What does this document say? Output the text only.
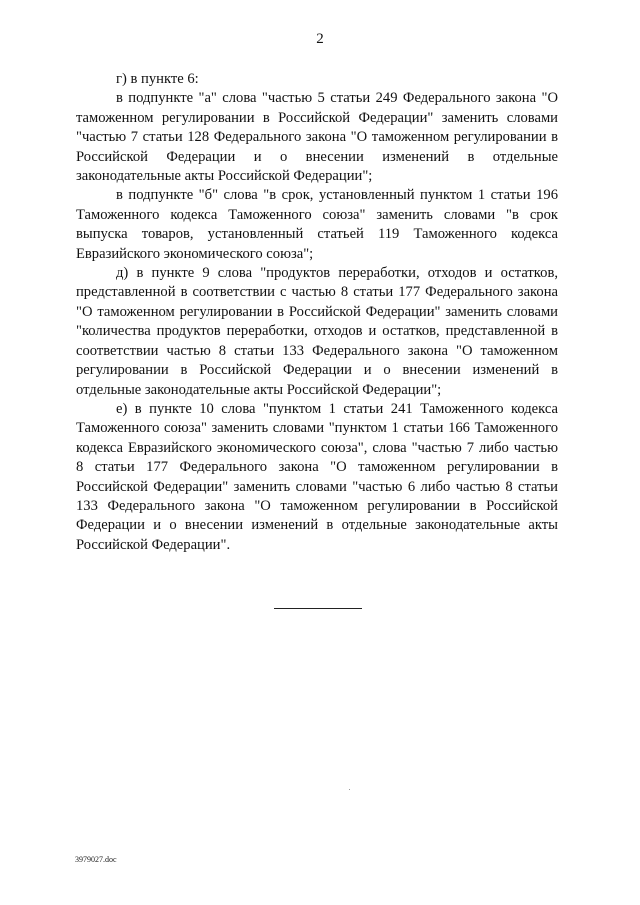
2

г) в пункте 6:

в подпункте "а" слова "частью 5 статьи 249 Федерального закона "О таможенном регулировании в Российской Федерации" заменить словами "частью 7 статьи 128 Федерального закона "О таможенном регулировании в Российской Федерации и о внесении изменений в отдельные законодательные акты Российской Федерации";

в подпункте "б" слова "в срок, установленный пунктом 1 статьи 196 Таможенного кодекса Таможенного союза" заменить словами "в срок выпуска товаров, установленный статьей 119 Таможенного кодекса Евразийского экономического союза";

д) в пункте 9 слова "продуктов переработки, отходов и остатков, представленной в соответствии с частью 8 статьи 177 Федерального закона "О таможенном регулировании в Российской Федерации" заменить словами "количества продуктов переработки, отходов и остатков, представленной в соответствии частью 8 статьи 133 Федерального закона "О таможенном регулировании в Российской Федерации и о внесении изменений в отдельные законодательные акты Российской Федерации";

е) в пункте 10 слова "пунктом 1 статьи 241 Таможенного кодекса Таможенного союза" заменить словами "пунктом 1 статьи 166 Таможенного кодекса Евразийского экономического союза", слова "частью 7 либо частью 8 статьи 177 Федерального закона "О таможенном регулировании в Российской Федерации" заменить словами "частью 6 либо частью 8 статьи 133 Федерального закона "О таможенном регулировании в Российской Федерации и о внесении изменений в отдельные законодательные акты Российской Федерации".

3979027.doc
